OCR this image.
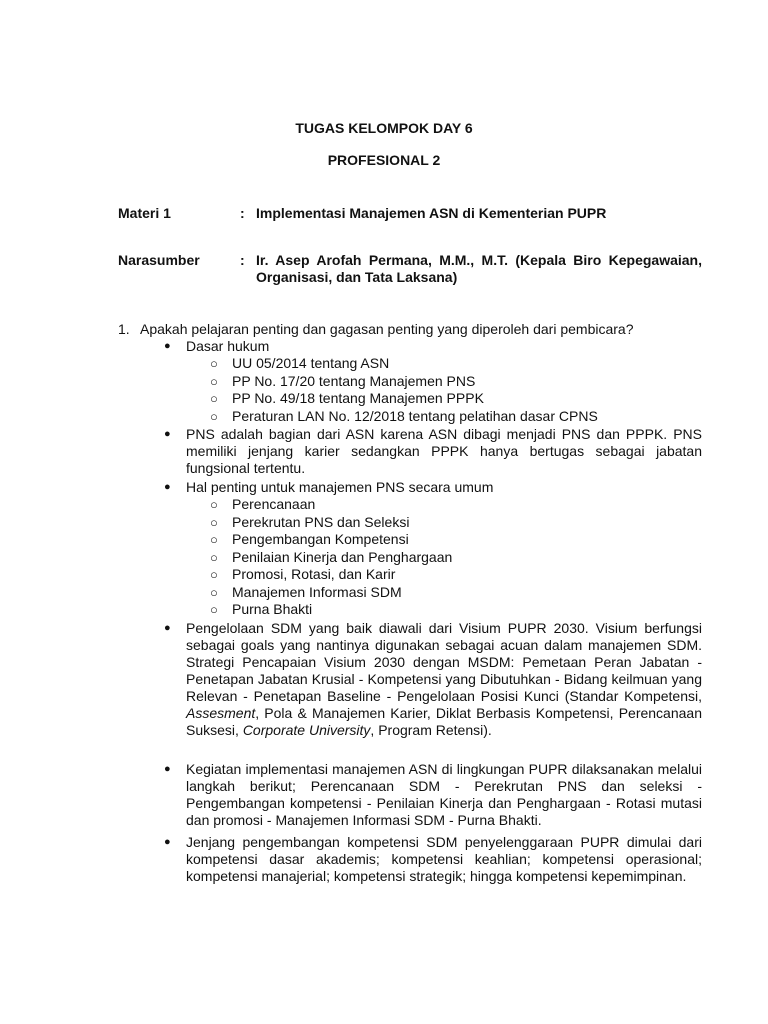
TUGAS KELOMPOK DAY 6
PROFESIONAL 2
Materi 1	: Implementasi Manajemen ASN di Kementerian PUPR
Narasumber	: Ir. Asep Arofah Permana, M.M., M.T. (Kepala Biro Kepegawaian,
Organisasi, dan Tata Laksana)
1. Apakah pelajaran penting dan gagasan penting yang diperoleh dari pembicara?
● Dasar hukum
○ UU 05/2014 tentang ASN
○ PP No. 17/20 tentang Manajemen PNS
○ PP No. 49/18 tentang Manajemen PPPK
○ Peraturan LAN No. 12/2018 tentang pelatihan dasar CPNS
● PNS adalah bagian dari ASN karena ASN dibagi menjadi PNS dan PPPK. PNS memiliki jenjang karier sedangkan PPPK hanya bertugas sebagai jabatan fungsional tertentu.
● Hal penting untuk manajemen PNS secara umum
○ Perencanaan
○ Perekrutan PNS dan Seleksi
○ Pengembangan Kompetensi
○ Penilaian Kinerja dan Penghargaan
○ Promosi, Rotasi, dan Karir
○ Manajemen Informasi SDM
○ Purna Bhakti
● Pengelolaan SDM yang baik diawali dari Visium PUPR 2030. Visium berfungsi sebagai goals yang nantinya digunakan sebagai acuan dalam manajemen SDM. Strategi Pencapaian Visium 2030 dengan MSDM: Pemetaan Peran Jabatan - Penetapan Jabatan Krusial - Kompetensi yang Dibutuhkan - Bidang keilmuan yang Relevan - Penetapan Baseline - Pengelolaan Posisi Kunci (Standar Kompetensi, Assesment, Pola & Manajemen Karier, Diklat Berbasis Kompetensi, Perencanaan Suksesi, Corporate University, Program Retensi).
● Kegiatan implementasi manajemen ASN di lingkungan PUPR dilaksanakan melalui langkah berikut; Perencanaan SDM - Perekrutan PNS dan seleksi - Pengembangan kompetensi - Penilaian Kinerja dan Penghargaan - Rotasi mutasi dan promosi - Manajemen Informasi SDM - Purna Bhakti.
● Jenjang pengembangan kompetensi SDM penyelenggaraan PUPR dimulai dari kompetensi dasar akademis; kompetensi keahlian; kompetensi operasional; kompetensi manajerial; kompetensi strategik; hingga kompetensi kepemimpinan.
